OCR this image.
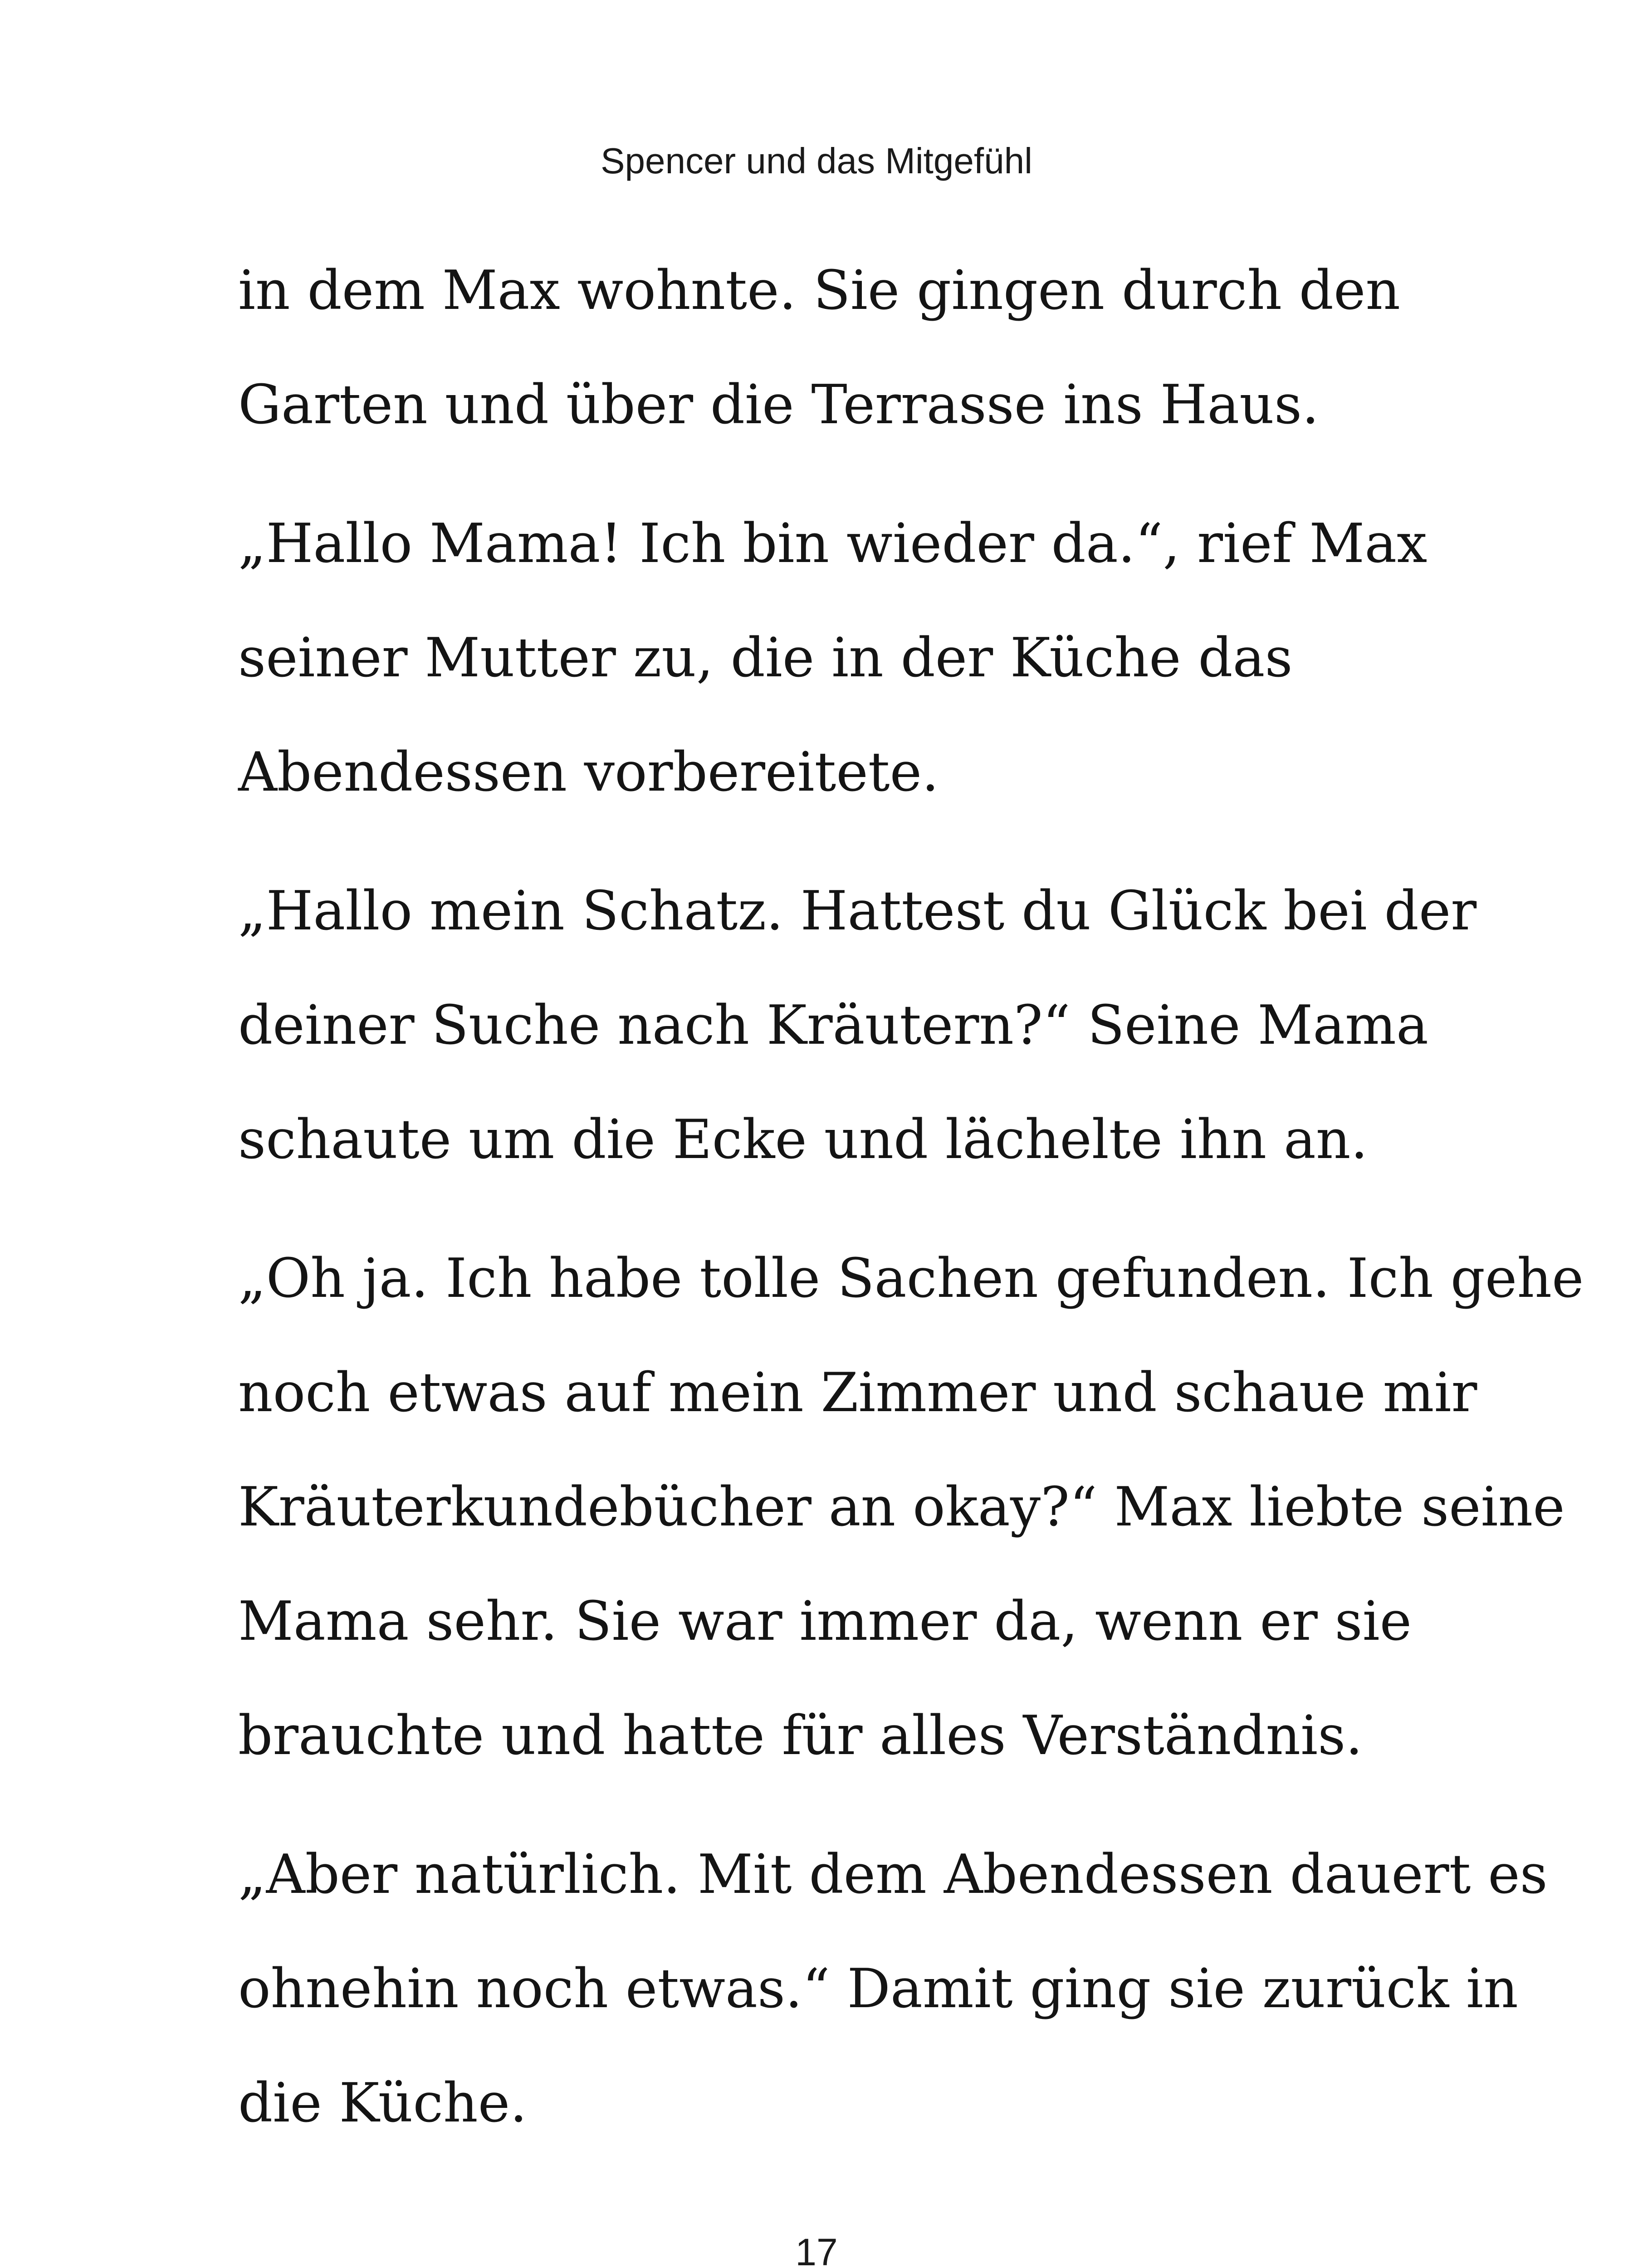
Spencer und das Mitgefühl
in dem Max wohnte. Sie gingen durch den
Garten und über die Terrasse ins Haus.
„Hallo Mama! Ich bin wieder da.“, rief Max
seiner Mutter zu, die in der Küche das
Abendessen vorbereitete.
„Hallo mein Schatz. Hattest du Glück bei der
deiner Suche nach Kräutern?“ Seine Mama
schaute um die Ecke und lächelte ihn an.
„Oh ja. Ich habe tolle Sachen gefunden. Ich gehe
noch etwas auf mein Zimmer und schaue mir
Kräuterkundebücher an okay?“ Max liebte seine
Mama sehr. Sie war immer da, wenn er sie
brauchte und hatte für alles Verständnis.
„Aber natürlich. Mit dem Abendessen dauert es
ohnehin noch etwas.“ Damit ging sie zurück in
die Küche.
17
